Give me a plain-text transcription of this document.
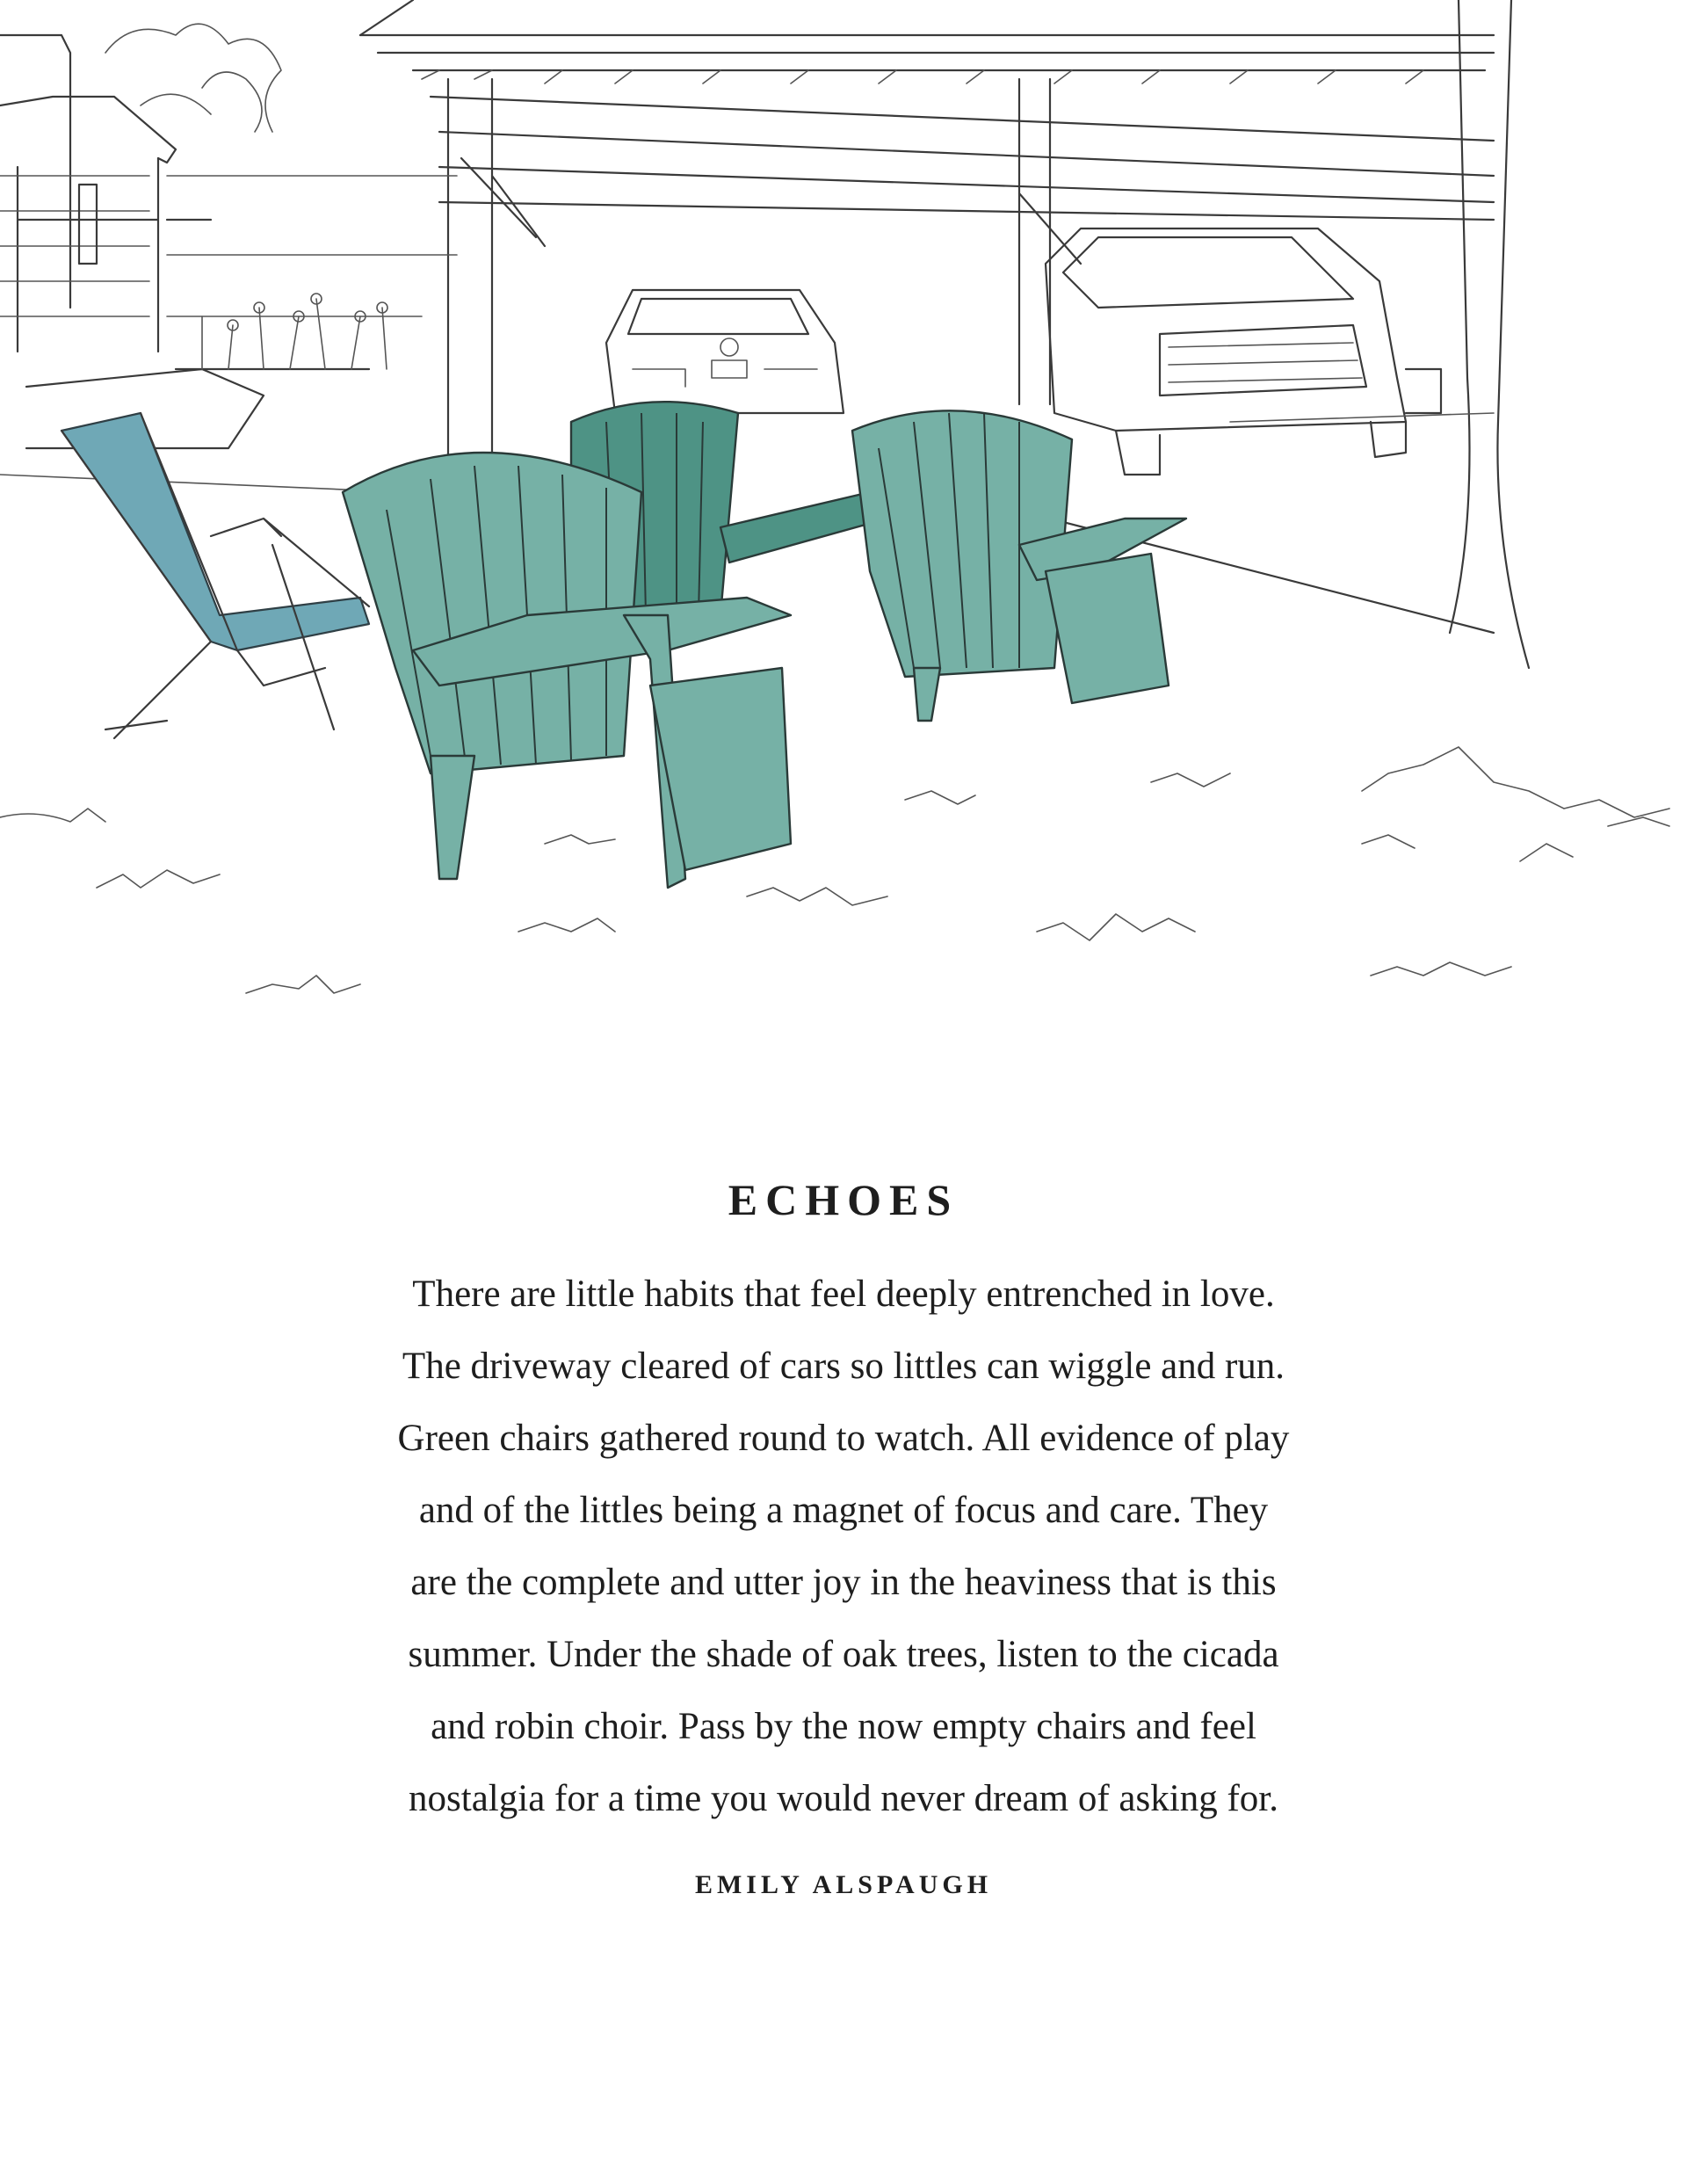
ECHOES
There are little habits that feel deeply entrenched in love.
The driveway cleared of cars so littles can wiggle and run.
Green chairs gathered round to watch. All evidence of play
and of the littles being a magnet of focus and care. They
are the complete and utter joy in the heaviness that is this
summer. Under the shade of oak trees, listen to the cicada
and robin choir. Pass by the now empty chairs and feel
nostalgia for a time you would never dream of asking for.
EMILY ALSPAUGH
